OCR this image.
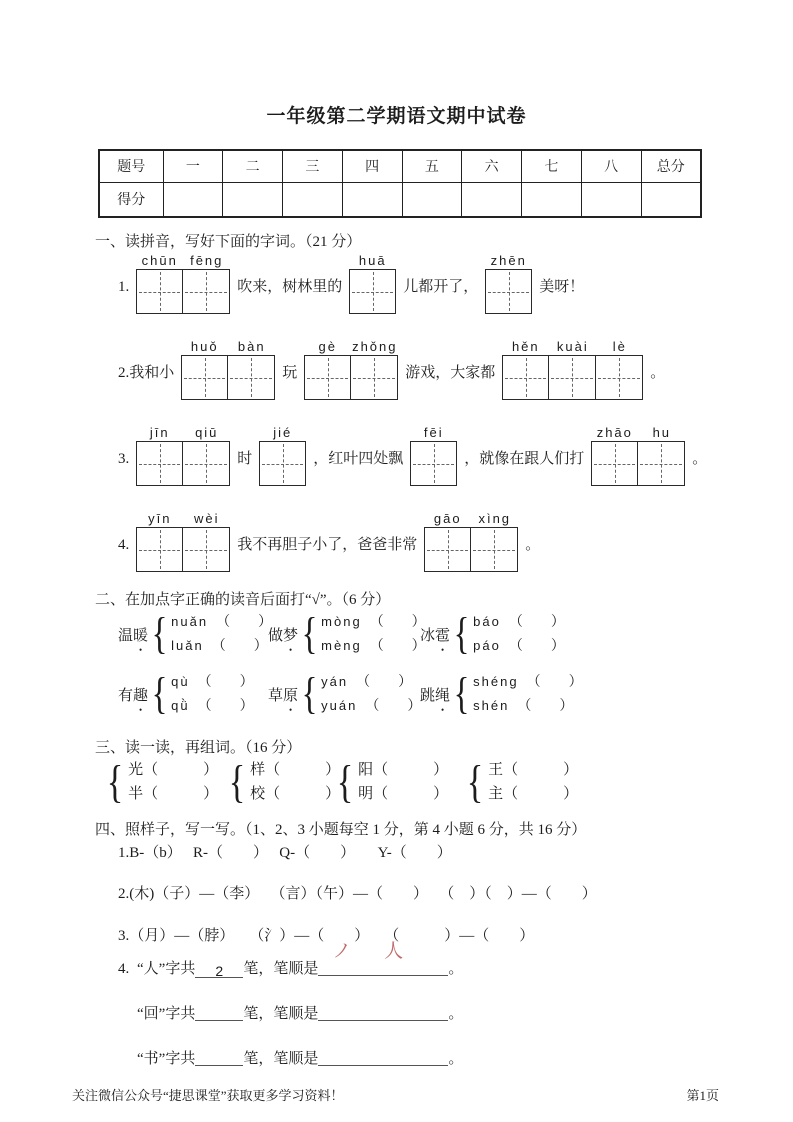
一年级第二学期语文期中试卷
题号	一	二	三	四	五	六	七	八	总分
得分									
一、读拼音，写好下面的字词。（21 分）
1.
chūn fēng
吹来，树林里的
huā
儿都开了，
zhēn
美呀！
2.我和小
huǒ bàn
玩
gè zhǒng
游戏，大家都
hěn kuài lè
。
3.
jīn qiū
时
jié
，红叶四处飘
fēi
，就像在跟人们打
zhāo hu
。
4.
yīn wèi
我不再胆子小了，爸爸非常
gāo xìng
。
二、在加点字正确的读音后面打“√”。（6 分）
温暖 { nuǎn （　　）
luǎn （　　）
做梦 { mòng （　　）
mèng （　　）
冰雹 { báo （　　）
páo （　　）
有趣 { qù （　　）
qǜ （　　）
草原 { yán （　　）
yuán （　　）
跳绳 { shéng （　　）
shén （　　）
三、读一读，再组词。（16 分）
{ 光（　　　）
半（　　　） { 样（　　　）
校（　　　）
{ 阳（　　　）
明（　　　） { 王（　　　）
主（　　　）
四、照样子，写一写。（1、2、3 小题每空 1 分，第 4 小题 6 分，共 16 分）
1.B-（b）　 R-（　　）　 Q-（　　）　　Y-（　　）
2.(木)（子）—（李）　 （言）（午）—（　　）　 （　）（　）—（　　）
3.（月）—（脖）　　（氵）—（　　）　　（　　　）—（　　）
4. “人”字共 2 笔，笔顺是
ノ 人
。
“回”字共	笔，笔顺是	。
“书”字共	笔，笔顺是	。
关注微信公众号“捷思课堂”获取更多学习资料！	第1页
